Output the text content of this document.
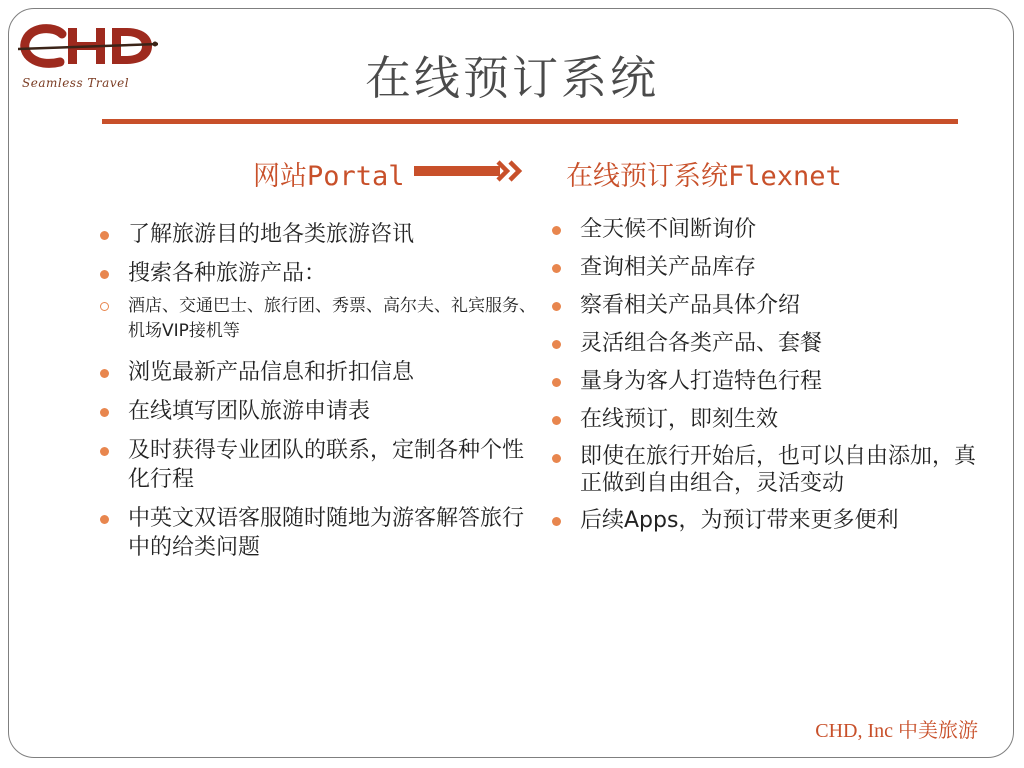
Seamless Travel	在线预订系统
网站Portal	在线预订系统Flexnet
了解旅游目的地各类旅游咨讯
搜索各种旅游产品：
酒店、交通巴士、旅行团、秀票、高尔夫、礼宾服务、机场VIP接机等
浏览最新产品信息和折扣信息
在线填写团队旅游申请表
及时获得专业团队的联系，定制各种个性化行程
中英文双语客服随时随地为游客解答旅行中的给类问题
全天候不间断询价
查询相关产品库存
察看相关产品具体介绍
灵活组合各类产品、套餐
量身为客人打造特色行程
在线预订，即刻生效
即使在旅行开始后，也可以自由添加，真正做到自由组合，灵活变动
后续Apps，为预订带来更多便利
CHD, Inc 中美旅游
